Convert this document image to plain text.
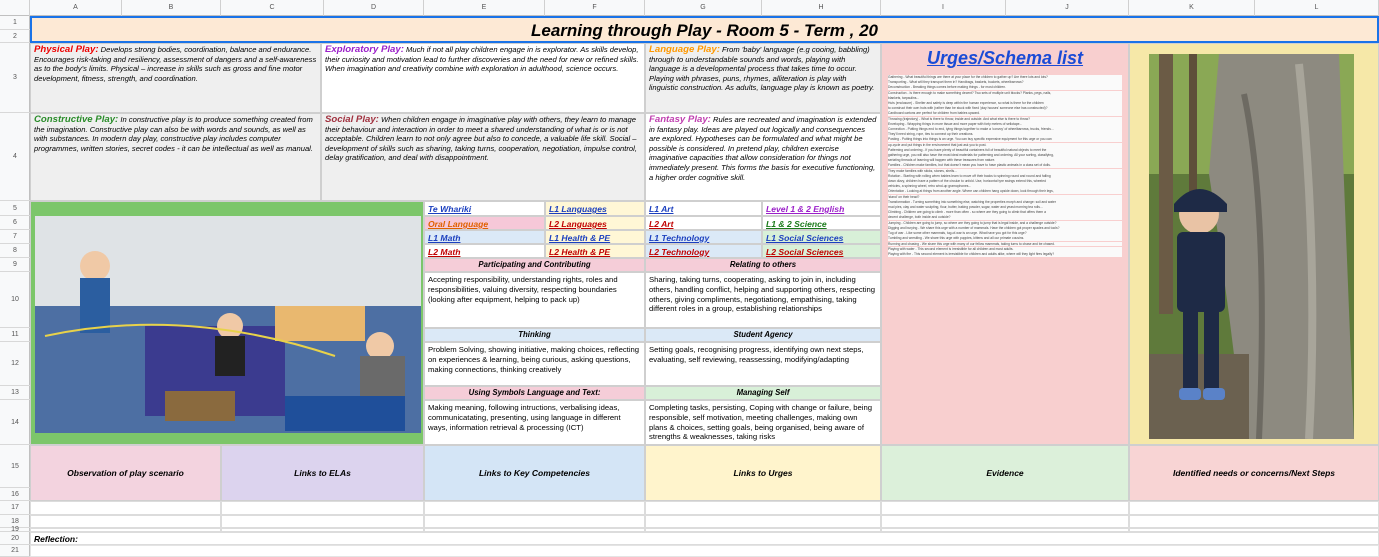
A	B	C	D	E	F	G	H	I	J	K	L
1
2
3
4
5
6
7
8
9
10
11
12
13
14
15
16
17
18
19
20
21
Learning through Play - Room 5 - Term , 20
Physical Play: Develops strong bodies, coordination, balance and endurance. Encourages risk-taking and resiliency, assessment of dangers and a self-awareness as to the body's limits. Physical – increase in skills such as gross and fine motor development, fitness, strength, and coordination.
Exploratory Play: Much if not all play children engage in is explorator. As skills develop, their curiosity and motivation lead to further discoveries and the need for new or refined skills. When imagination and creativity combine with exploration in adulthood, science occurs.
Language Play: From 'baby' language (e.g cooing, babbling) through to understandable sounds and words, playing with language is a developmental process that takes time to occur. Playing with phrases, puns, rhymes, alliteration is play with linguistic construction. As adults, language play is known as poetry.
Constructive Play: In constructive play is to produce something created from the imagination. Constructive play can also be with words and sounds, as well as with substances. In modern day play, constructive play includes computer programmes, written stories, secret codes - it can be intellectual as well as manual.
Social Play: When children engage in imaginative play with others, they learn to manage their behaviour and interaction in order to meet a shared understanding of what is or is not acceptable. Children learn to not only agree but also to concede, a valuable life skill. Social – development of skills such as sharing, taking turns, cooperation, negotiation, impulse control, delay gratification, and deal with disappointment.
Fantasy Play: Rules are recreated and imagination is extended in fantasy play. Ideas are played out logically and consequences are explored. Hypotheses can be formulated and what might be possible is considered. In pretend play, children exercise imaginative capacities that allow consideration for things not immediately present. This forms the basis for executive functioning, a higher order cognitive skill.
Urges/Schema list
Gathering - What beautiful things are there at your place for the children to gather up? Are there lots and lots?
Transporting - What will they transport them in? Handbags, baskets, buckets, wheelbarrows?
Deconstruction - Breaking things comes before making things - for most children.
Construction - Is there enough to make something decent? Two sets of multiple unit blocks? Planks, pegs, nails,
blankets, tarpaulins...
Huts (enclosure) - Shelter and safety is deep within the human experience, so what is there for the children
to construct their own huts with (rather than be stuck with fixed 'play houses' someone else has constructed)?
Cardboard cartons are perfect for children from babies upward.
Throwing (trajectory) - What is there to throw, inside and outside. And what else is there to throw?
Enveloping - Wrapping things in more tissue and more paper with forty meters of sellotape...
Connection - Putting things end to end, tying things together to make a 'convoy' of wheelbarrows, trucks, friends...
They'll need string, rope, ties to connect up their creations.
Posting - Putting things into things is an urge. You can buy specific expensive equipment for this urge or you can
up-cycle and put things in the environment that just ask you to post.
Patterning and ordering - If you have plenty of beautiful containers full of beautiful natural objects to meet the
gathering urge, you will also have the most ideal materials for patterning and ordering. All your sorting, classifying,
seriating threads of learning will happen with these treasures from nature.
Families - Children make families, but that doesn't mean you have to have plastic animals in a class set of dolls.
They make families with sticks, stones, shells...
Rotation - Starting with rolling when babies learn to move off their backs to spinning round and round and falling
down dizzy, children have a pattern of the circular to unfold. Use, horizontal tyre swings extend this, wheeled
vehicles, a spinning wheel, retro wind-up gramophones...
Orientation - Looking at things from another angle. Where can children hang upside down, look through their legs,
'stand' on their head?
Transformation - Turning something into something else, watching the properties morph and change: soil and water
mud pies, clay and water sculpting, flour, butter, baking powder, sugar, water and yeast morning tea rolls...
Climbing - Children are going to climb - more than often - so where are they going to climb that offers them a
decent challenge, both inside and outside?
Jumping - Children are going to jump, so where are they going to jump that is legal inside, and a challenge outside?
Digging and burying - We share this urge with a number of mammals. Have the children got proper spades and tools?
Tug of war - Like some other mammals, tug-of-war is an urge. What have you got for this urge?
Tumbling and wrestling - We share this urge with puppies, kittens and all our primate cousins.
Running and chasing - We share this urge with many of our fellow mammals, taking turns to chase and be chased.
Playing with water - This second element is irresistible for all children and most adults.
Playing with fire - This second element is irresistible for children and adults alike, where will they light fires legally?
Te Whariki	L1 Languages	L1 Art	Level 1 & 2 English
Oral Language	L2 Languages	L2 Art	L1 & 2 Science
L1 Math	L1 Health & PE	L1 Technology	L1 Social Sciences
L2 Math	L2 Health & PE	L2 Technology	L2 Social Sciences
Participating and Contributing
Accepting responsibility, understanding rights, roles and responsibilities, valuing diversity, respecting boundaries (looking after equipment, helping to pack up)
Relating to others
Sharing, taking turns, cooperating, asking to join in, including others, handling conflict, helping and supporting others, respecting others, giving compliments, negotiationg, empathising, taking different roles in a group, establishing relationships
Thinking
Problem Solving, showing initiative, making choices, reflecting on experiences & learning, being curious, asking questions, making connections, thinking creatively
Student Agency
Setting goals, recognising progress, identifying own next steps, evaluating, self reviewing, reassessing, modifying/adapting
Using Symbols Language and Text:
Making meaning, following intructions, verbalising ideas, communicatating, presenting, using language in different ways, information retrieval & processing (ICT)
Managing Self
Completing tasks, persisting, Coping with change or failure, being responsible, self motivation, meeting challenges, making own plans & choices, setting goals, being organised, being aware of strengths & weaknesses, taking risks
Observation of play scenario	Links to ELAs	Links to Key Competencies	Links to Urges	Evidence	Identified needs or concerns/Next Steps
Reflection:
